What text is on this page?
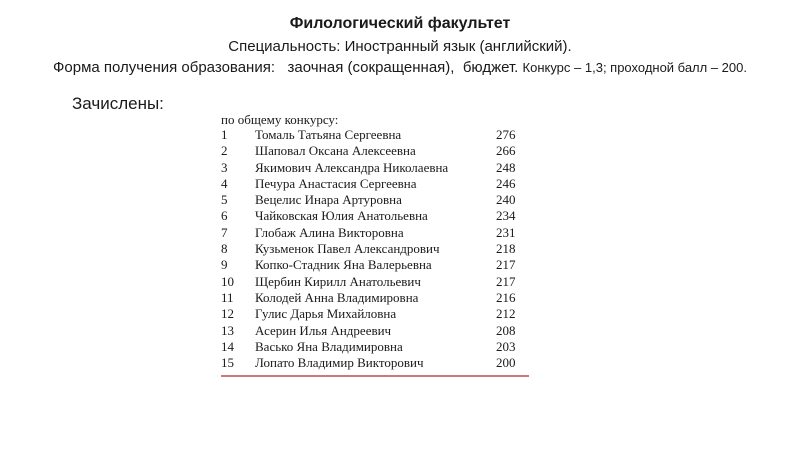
Филологический факультет
Специальность: Иностранный язык (английский).
Форма получения образования: заочная (сокращенная), бюджет. Конкурс – 1,3; проходной балл – 200.
Зачислены:
по общему конкурсу:
1	Томаль Татьяна Сергеевна	276
2	Шаповал Оксана Алексеевна	266
3	Якимович Александра Николаевна	248
4	Печура Анастасия Сергеевна	246
5	Вецелис Инара Артуровна	240
6	Чайковская Юлия Анатольевна	234
7	Глобаж Алина Викторовна	231
8	Кузьменок Павел Александрович	218
9	Копко-Стадник Яна Валерьевна	217
10	Щербин Кирилл Анатольевич	217
11	Колодей Анна Владимировна	216
12	Гулис Дарья Михайловна	212
13	Асерин Илья Андреевич	208
14	Васько Яна Владимировна	203
15	Лопато Владимир Викторович	200
